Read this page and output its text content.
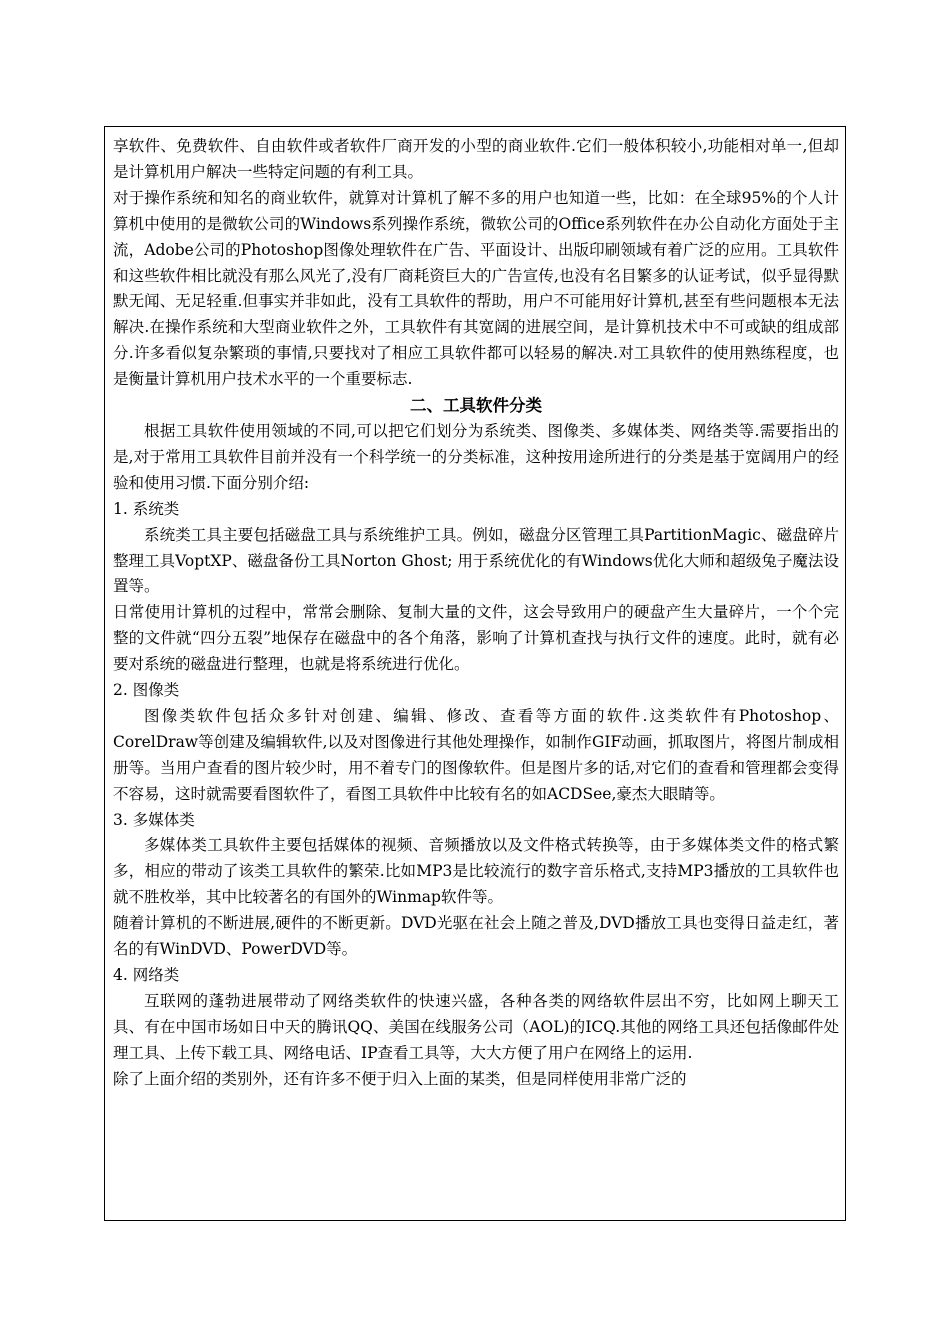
享软件、免费软件、自由软件或者软件厂商开发的小型的商业软件.它们一般体积较小,功能相对单一,但却是计算机用户解决一些特定问题的有利工具。

对于操作系统和知名的商业软件，就算对计算机了解不多的用户也知道一些，比如：在全球95%的个人计算机中使用的是微软公司的Windows系列操作系统，微软公司的Office系列软件在办公自动化方面处于主流，Adobe公司的Photoshop图像处理软件在广告、平面设计、出版印刷领域有着广泛的应用。工具软件和这些软件相比就没有那么风光了,没有厂商耗资巨大的广告宣传,也没有名目繁多的认证考试，似乎显得默默无闻、无足轻重.但事实并非如此，没有工具软件的帮助，用户不可能用好计算机,甚至有些问题根本无法解决.在操作系统和大型商业软件之外，工具软件有其宽阔的进展空间，是计算机技术中不可或缺的组成部分.许多看似复杂繁琐的事情,只要找对了相应工具软件都可以轻易的解决.对工具软件的使用熟练程度，也是衡量计算机用户技术水平的一个重要标志.

二、工具软件分类

根据工具软件使用领域的不同,可以把它们划分为系统类、图像类、多媒体类、网络类等.需要指出的是,对于常用工具软件目前并没有一个科学统一的分类标准，这种按用途所进行的分类是基于宽阔用户的经验和使用习惯.下面分别介绍:

1. 系统类

系统类工具主要包括磁盘工具与系统维护工具。例如，磁盘分区管理工具PartitionMagic、磁盘碎片整理工具VoptXP、磁盘备份工具Norton Ghost; 用于系统优化的有Windows优化大师和超级兔子魔法设置等。

日常使用计算机的过程中，常常会删除、复制大量的文件，这会导致用户的硬盘产生大量碎片，一个个完整的文件就“四分五裂”地保存在磁盘中的各个角落，影响了计算机查找与执行文件的速度。此时，就有必要对系统的磁盘进行整理，也就是将系统进行优化。

2. 图像类

图像类软件包括众多针对创建、编辑、修改、查看等方面的软件.这类软件有Photoshop、CorelDraw等创建及编辑软件,以及对图像进行其他处理操作，如制作GIF动画，抓取图片，将图片制成相册等。当用户查看的图片较少时，用不着专门的图像软件。但是图片多的话,对它们的查看和管理都会变得不容易，这时就需要看图软件了，看图工具软件中比较有名的如ACDSee,豪杰大眼睛等。

3. 多媒体类

多媒体类工具软件主要包括媒体的视频、音频播放以及文件格式转换等，由于多媒体类文件的格式繁多，相应的带动了该类工具软件的繁荣.比如MP3是比较流行的数字音乐格式,支持MP3播放的工具软件也就不胜枚举，其中比较著名的有国外的Winmap软件等。

随着计算机的不断进展,硬件的不断更新。DVD光驱在社会上随之普及,DVD播放工具也变得日益走红，著名的有WinDVD、PowerDVD等。

4. 网络类

互联网的蓬勃进展带动了网络类软件的快速兴盛，各种各类的网络软件层出不穷，比如网上聊天工具、有在中国市场如日中天的腾讯QQ、美国在线服务公司（AOL)的ICQ.其他的网络工具还包括像邮件处理工具、上传下载工具、网络电话、IP查看工具等，大大方便了用户在网络上的运用.

除了上面介绍的类别外，还有许多不便于归入上面的某类，但是同样使用非常广泛的
